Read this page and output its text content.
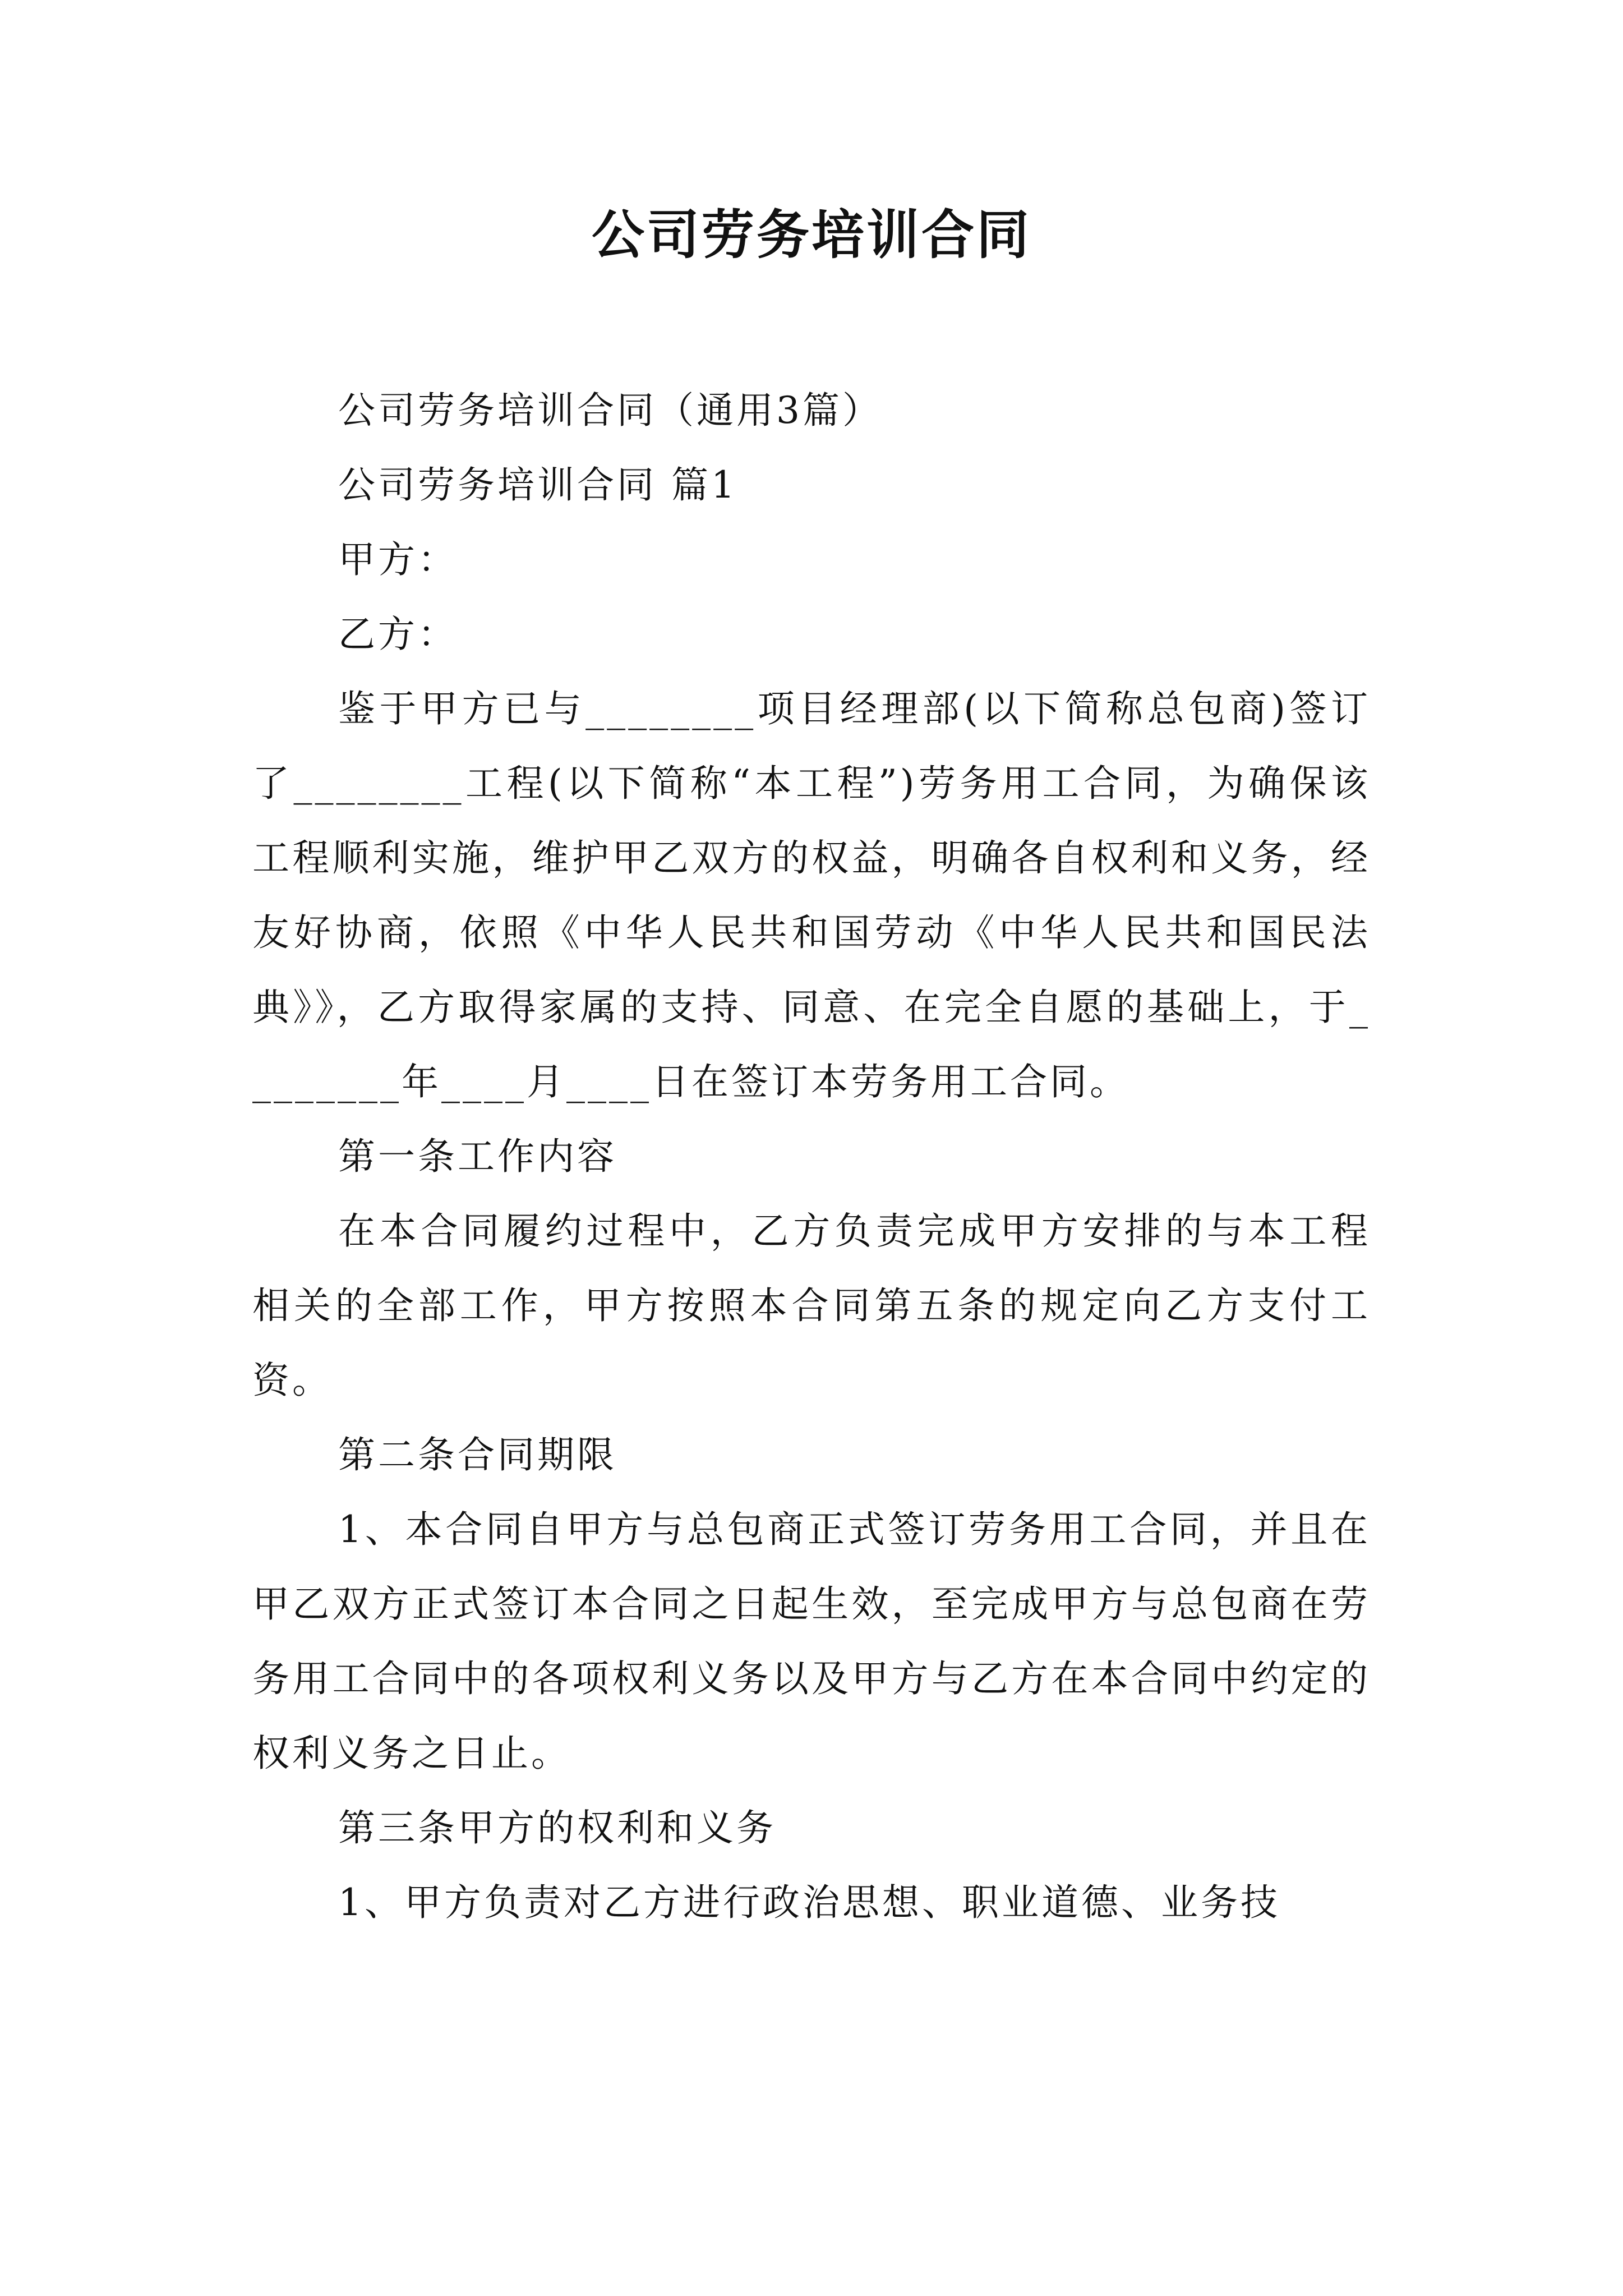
公司劳务培训合同

公司劳务培训合同（通用3篇）

公司劳务培训合同 篇1

甲方：

乙方：

鉴于甲方已与________项目经理部(以下简称总包商)签订了________工程(以下简称“本工程”)劳务用工合同，为确保该工程顺利实施，维护甲乙双方的权益，明确各自权利和义务，经友好协商，依照《中华人民共和国劳动《中华人民共和国民法典》》，乙方取得家属的支持、同意、在完全自愿的基础上，于________年____月____日在签订本劳务用工合同。

第一条工作内容

在本合同履约过程中，乙方负责完成甲方安排的与本工程相关的全部工作，甲方按照本合同第五条的规定向乙方支付工资。

第二条合同期限

1、本合同自甲方与总包商正式签订劳务用工合同，并且在甲乙双方正式签订本合同之日起生效，至完成甲方与总包商在劳务用工合同中的各项权利义务以及甲方与乙方在本合同中约定的权利义务之日止。

第三条甲方的权利和义务

1、甲方负责对乙方进行政治思想、职业道德、业务技
